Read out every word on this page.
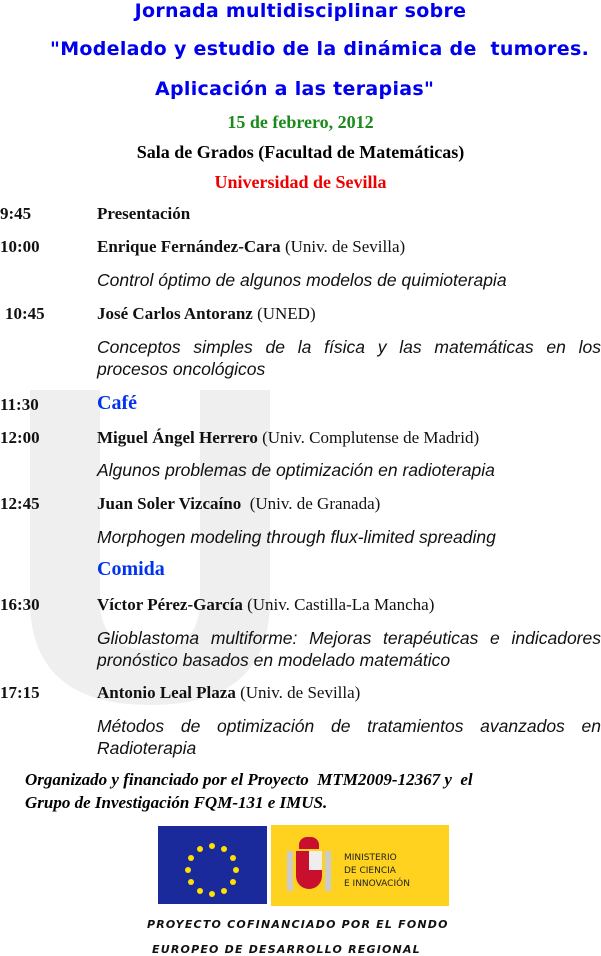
Jornada multidisciplinar sobre
"Modelado y estudio de la dinámica de  tumores.
Aplicación a las terapias"
15 de febrero, 2012
Sala de Grados (Facultad de Matemáticas)
Universidad de Sevilla
9:45	Presentación
10:00	Enrique Fernández-Cara (Univ. de Sevilla)
Control óptimo de algunos modelos de quimioterapia
10:45	José Carlos Antoranz (UNED)
Conceptos simples de la física y las matemáticas en los procesos oncológicos
11:30	Café
12:00	Miguel Ángel Herrero (Univ. Complutense de Madrid)
Algunos problemas de optimización en radioterapia
12:45	Juan Soler Vizcaíno  (Univ. de Granada)
Morphogen modeling through flux-limited spreading
Comida
16:30	Víctor Pérez-García (Univ. Castilla-La Mancha)
Glioblastoma multiforme: Mejoras terapéuticas e indicadores pronóstico basados en modelado matemático
17:15	Antonio Leal Plaza (Univ. de Sevilla)
Métodos de optimización de tratamientos avanzados en Radioterapia
Organizado y financiado por el Proyecto  MTM2009-12367 y  el
Grupo de Investigación FQM-131 e IMUS.
MINISTERIO
DE CIENCIA
E INNOVACIÓN
PROYECTO COFINANCIADO POR EL FONDO
EUROPEO DE DESARROLLO REGIONAL
